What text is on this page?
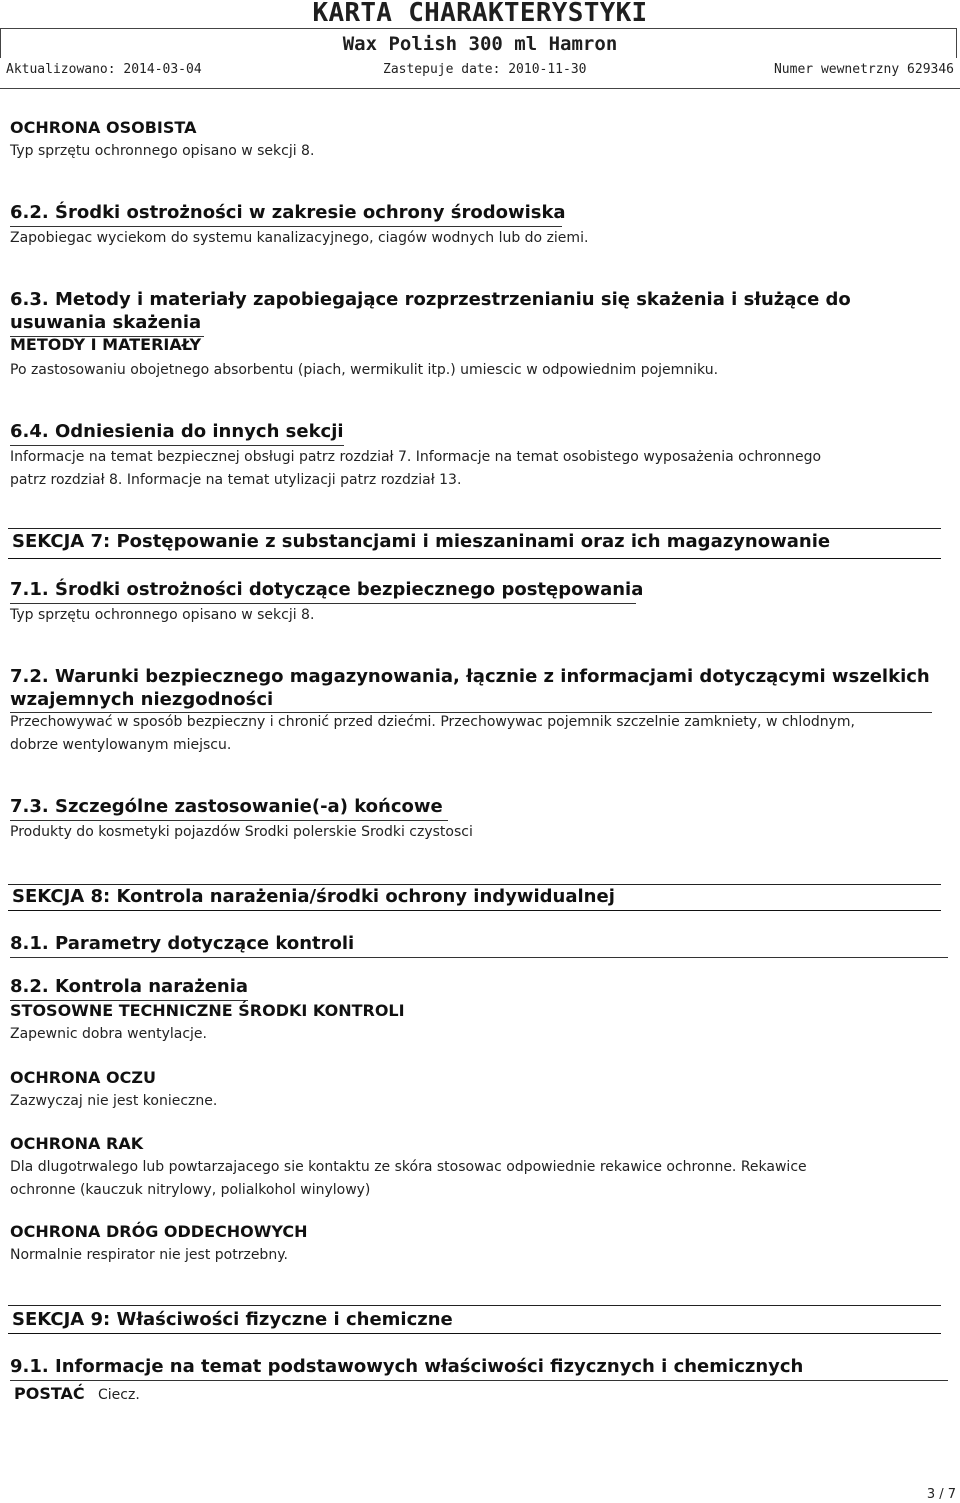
KARTA CHARAKTERYSTYKI
Wax Polish 300 ml Hamron
Aktualizowano: 2014-03-04	Zastepuje date: 2010-11-30	Numer wewnetrzny 629346
OCHRONA OSOBISTA
Typ sprzętu ochronnego opisano w sekcji 8.
6.2. Środki ostrożności w zakresie ochrony środowiska
Zapobiegac wyciekom do systemu kanalizacyjnego, ciagów wodnych lub do ziemi.
6.3. Metody i materiały zapobiegające rozprzestrzenianiu się skażenia i służące do
usuwania skażenia
METODY I MATERIAŁY
Po zastosowaniu obojetnego absorbentu (piach, wermikulit itp.) umiescic w odpowiednim pojemniku.
6.4. Odniesienia do innych sekcji
Informacje na temat bezpiecznej obsługi patrz rozdział 7. Informacje na temat osobistego wyposażenia ochronnego
patrz rozdział 8. Informacje na temat utylizacji patrz rozdział 13.
SEKCJA 7: Postępowanie z substancjami i mieszaninami oraz ich magazynowanie
7.1. Środki ostrożności dotyczące bezpiecznego postępowania
Typ sprzętu ochronnego opisano w sekcji 8.
7.2. Warunki bezpiecznego magazynowania, łącznie z informacjami dotyczącymi wszelkich
wzajemnych niezgodności
Przechowywać w sposób bezpieczny i chronić przed dziećmi. Przechowywac pojemnik szczelnie zamkniety, w chlodnym,
dobrze wentylowanym miejscu.
7.3. Szczególne zastosowanie(-a) końcowe
Produkty do kosmetyki pojazdów Srodki polerskie Srodki czystosci
SEKCJA 8: Kontrola narażenia/środki ochrony indywidualnej
8.1. Parametry dotyczące kontroli
8.2. Kontrola narażenia
STOSOWNE TECHNICZNE ŚRODKI KONTROLI
Zapewnic dobra wentylacje.
OCHRONA OCZU
Zazwyczaj nie jest konieczne.
OCHRONA RAK
Dla dlugotrwalego lub powtarzajacego sie kontaktu ze skóra stosowac odpowiednie rekawice ochronne. Rekawice
ochronne (kauczuk nitrylowy, polialkohol winylowy)
OCHRONA DRÓG ODDECHOWYCH
Normalnie respirator nie jest potrzebny.
SEKCJA 9: Właściwości fizyczne i chemiczne
9.1. Informacje na temat podstawowych właściwości fizycznych i chemicznych
POSTAĆ Ciecz.
3 / 7
